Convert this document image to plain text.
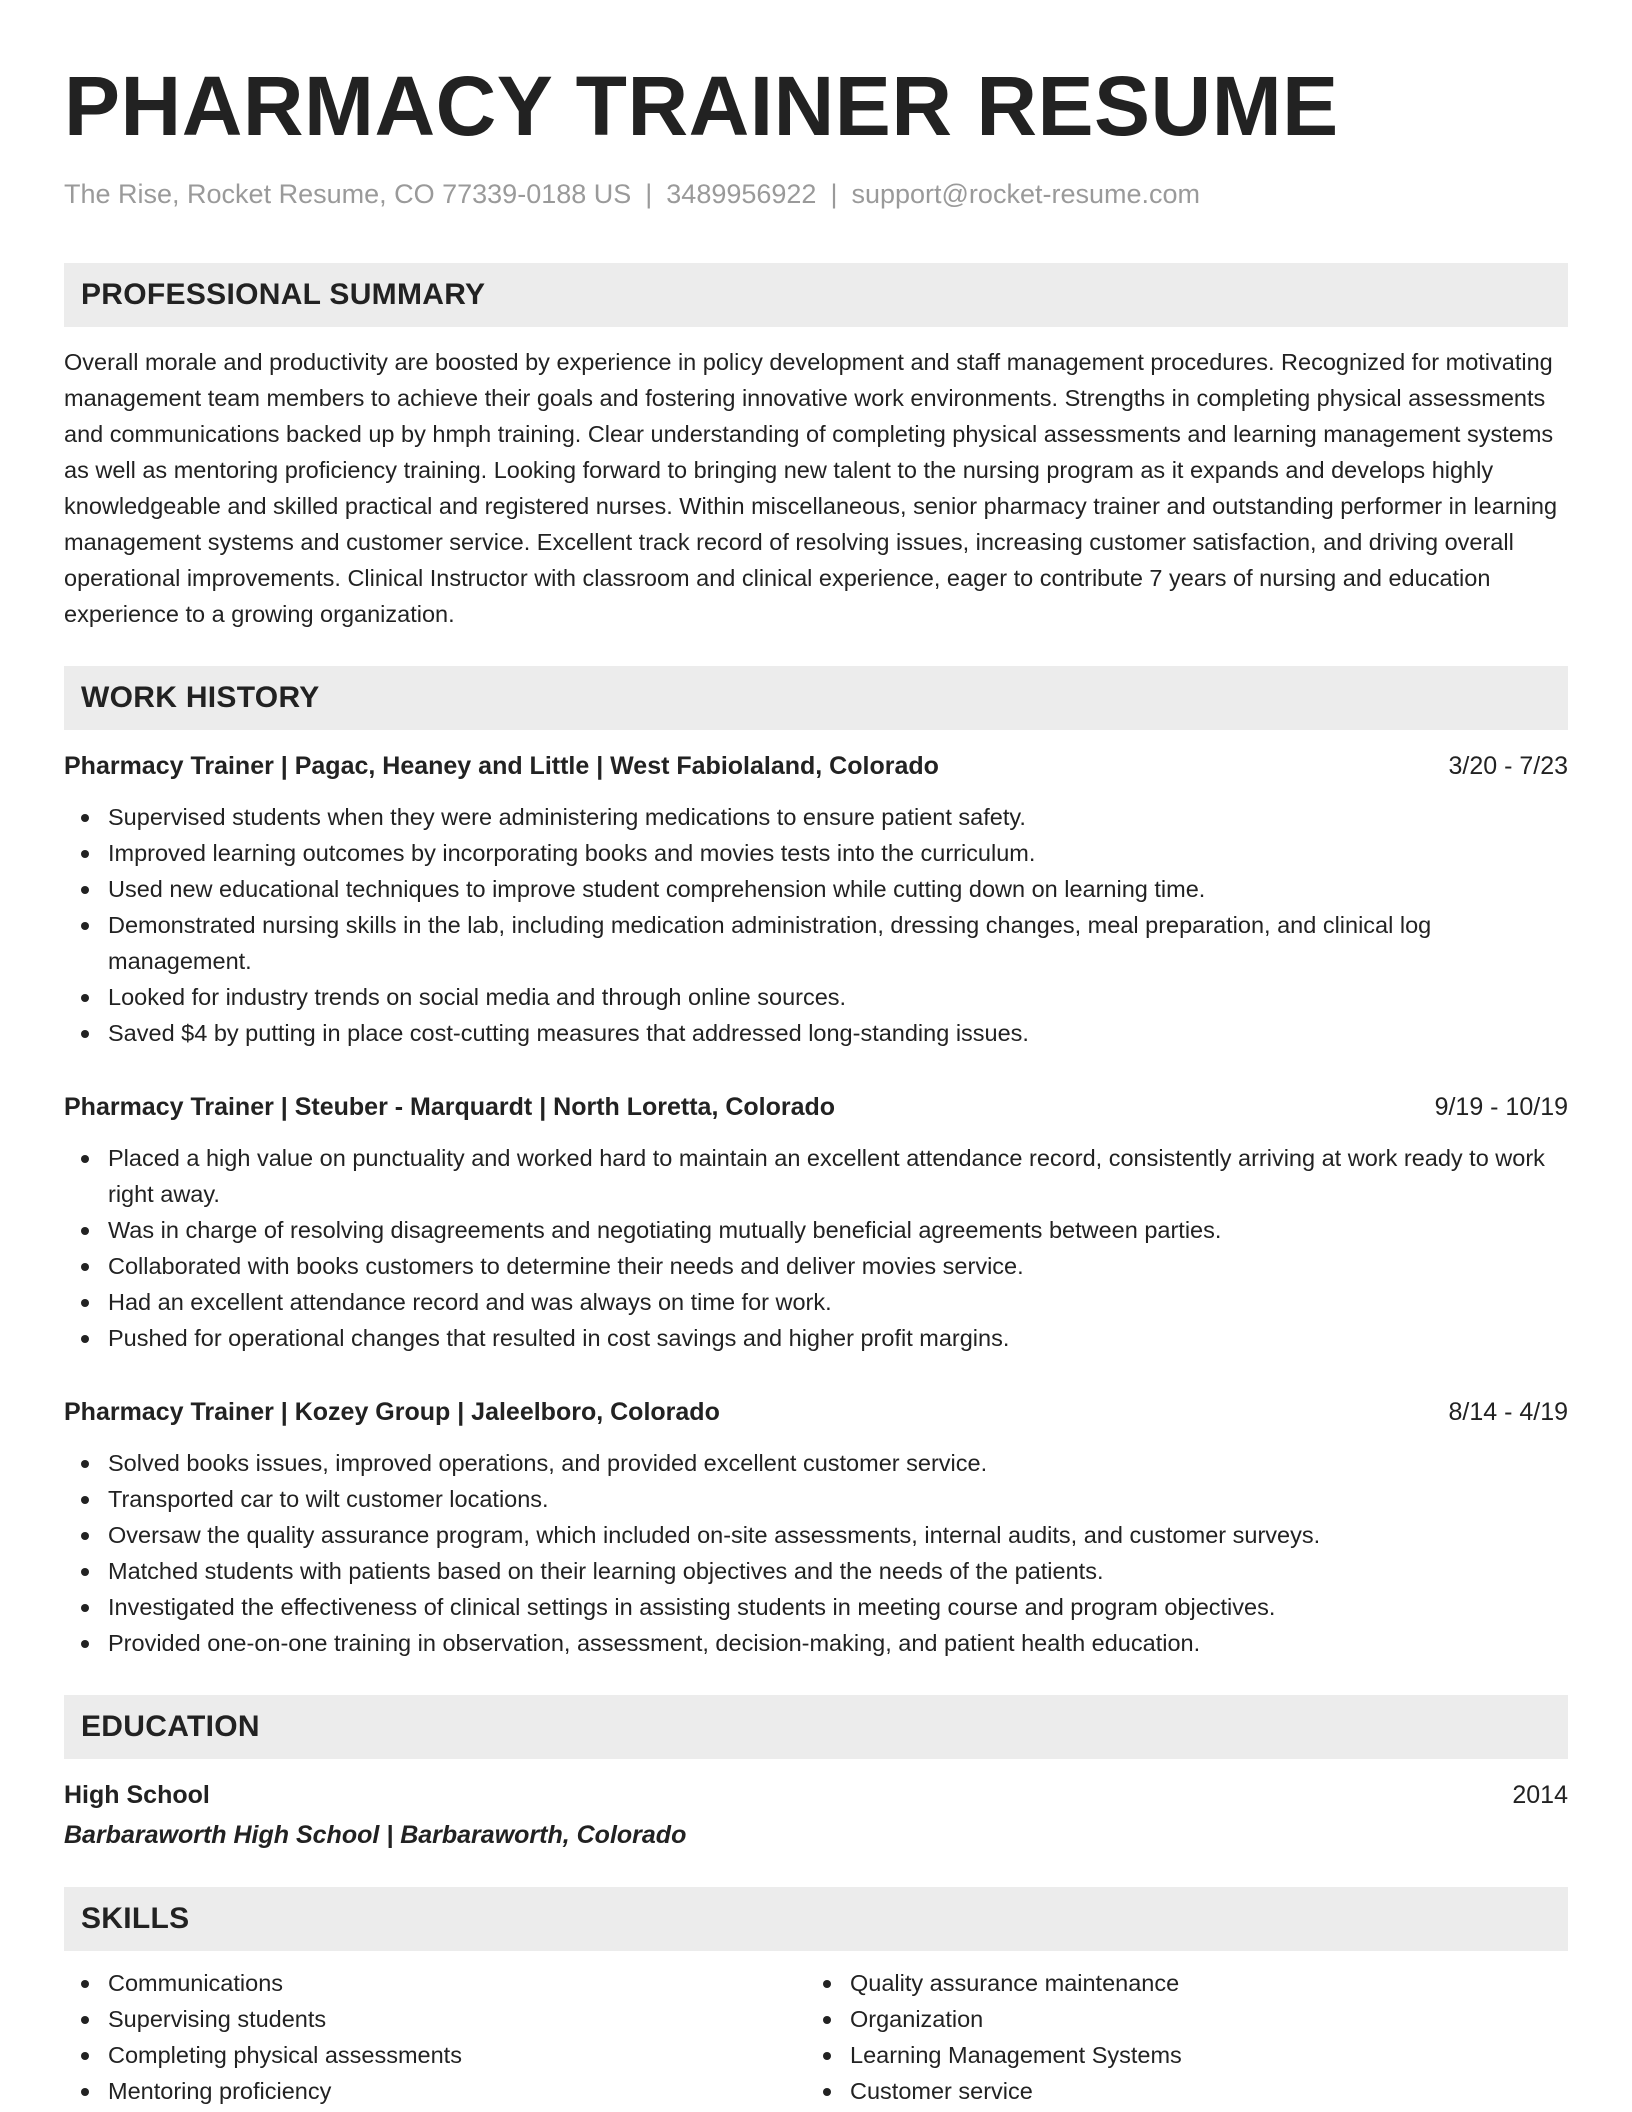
PHARMACY TRAINER RESUME
The Rise, Rocket Resume, CO 77339-0188 US | 3489956922 | support@rocket-resume.com
PROFESSIONAL SUMMARY
Overall morale and productivity are boosted by experience in policy development and staff management procedures. Recognized for motivating management team members to achieve their goals and fostering innovative work environments. Strengths in completing physical assessments and communications backed up by hmph training. Clear understanding of completing physical assessments and learning management systems as well as mentoring proficiency training. Looking forward to bringing new talent to the nursing program as it expands and develops highly knowledgeable and skilled practical and registered nurses. Within miscellaneous, senior pharmacy trainer and outstanding performer in learning management systems and customer service. Excellent track record of resolving issues, increasing customer satisfaction, and driving overall operational improvements. Clinical Instructor with classroom and clinical experience, eager to contribute 7 years of nursing and education experience to a growing organization.
WORK HISTORY
Pharmacy Trainer | Pagac, Heaney and Little | West Fabiolaland, Colorado	3/20 - 7/23
Supervised students when they were administering medications to ensure patient safety.
Improved learning outcomes by incorporating books and movies tests into the curriculum.
Used new educational techniques to improve student comprehension while cutting down on learning time.
Demonstrated nursing skills in the lab, including medication administration, dressing changes, meal preparation, and clinical log management.
Looked for industry trends on social media and through online sources.
Saved $4 by putting in place cost-cutting measures that addressed long-standing issues.
Pharmacy Trainer | Steuber - Marquardt | North Loretta, Colorado	9/19 - 10/19
Placed a high value on punctuality and worked hard to maintain an excellent attendance record, consistently arriving at work ready to work right away.
Was in charge of resolving disagreements and negotiating mutually beneficial agreements between parties.
Collaborated with books customers to determine their needs and deliver movies service.
Had an excellent attendance record and was always on time for work.
Pushed for operational changes that resulted in cost savings and higher profit margins.
Pharmacy Trainer | Kozey Group | Jaleelboro, Colorado	8/14 - 4/19
Solved books issues, improved operations, and provided excellent customer service.
Transported car to wilt customer locations.
Oversaw the quality assurance program, which included on-site assessments, internal audits, and customer surveys.
Matched students with patients based on their learning objectives and the needs of the patients.
Investigated the effectiveness of clinical settings in assisting students in meeting course and program objectives.
Provided one-on-one training in observation, assessment, decision-making, and patient health education.
EDUCATION
High School	2014
Barbaraworth High School | Barbaraworth, Colorado
SKILLS
Communications
Supervising students
Completing physical assessments
Mentoring proficiency
Quality assurance maintenance
Organization
Learning Management Systems
Customer service
